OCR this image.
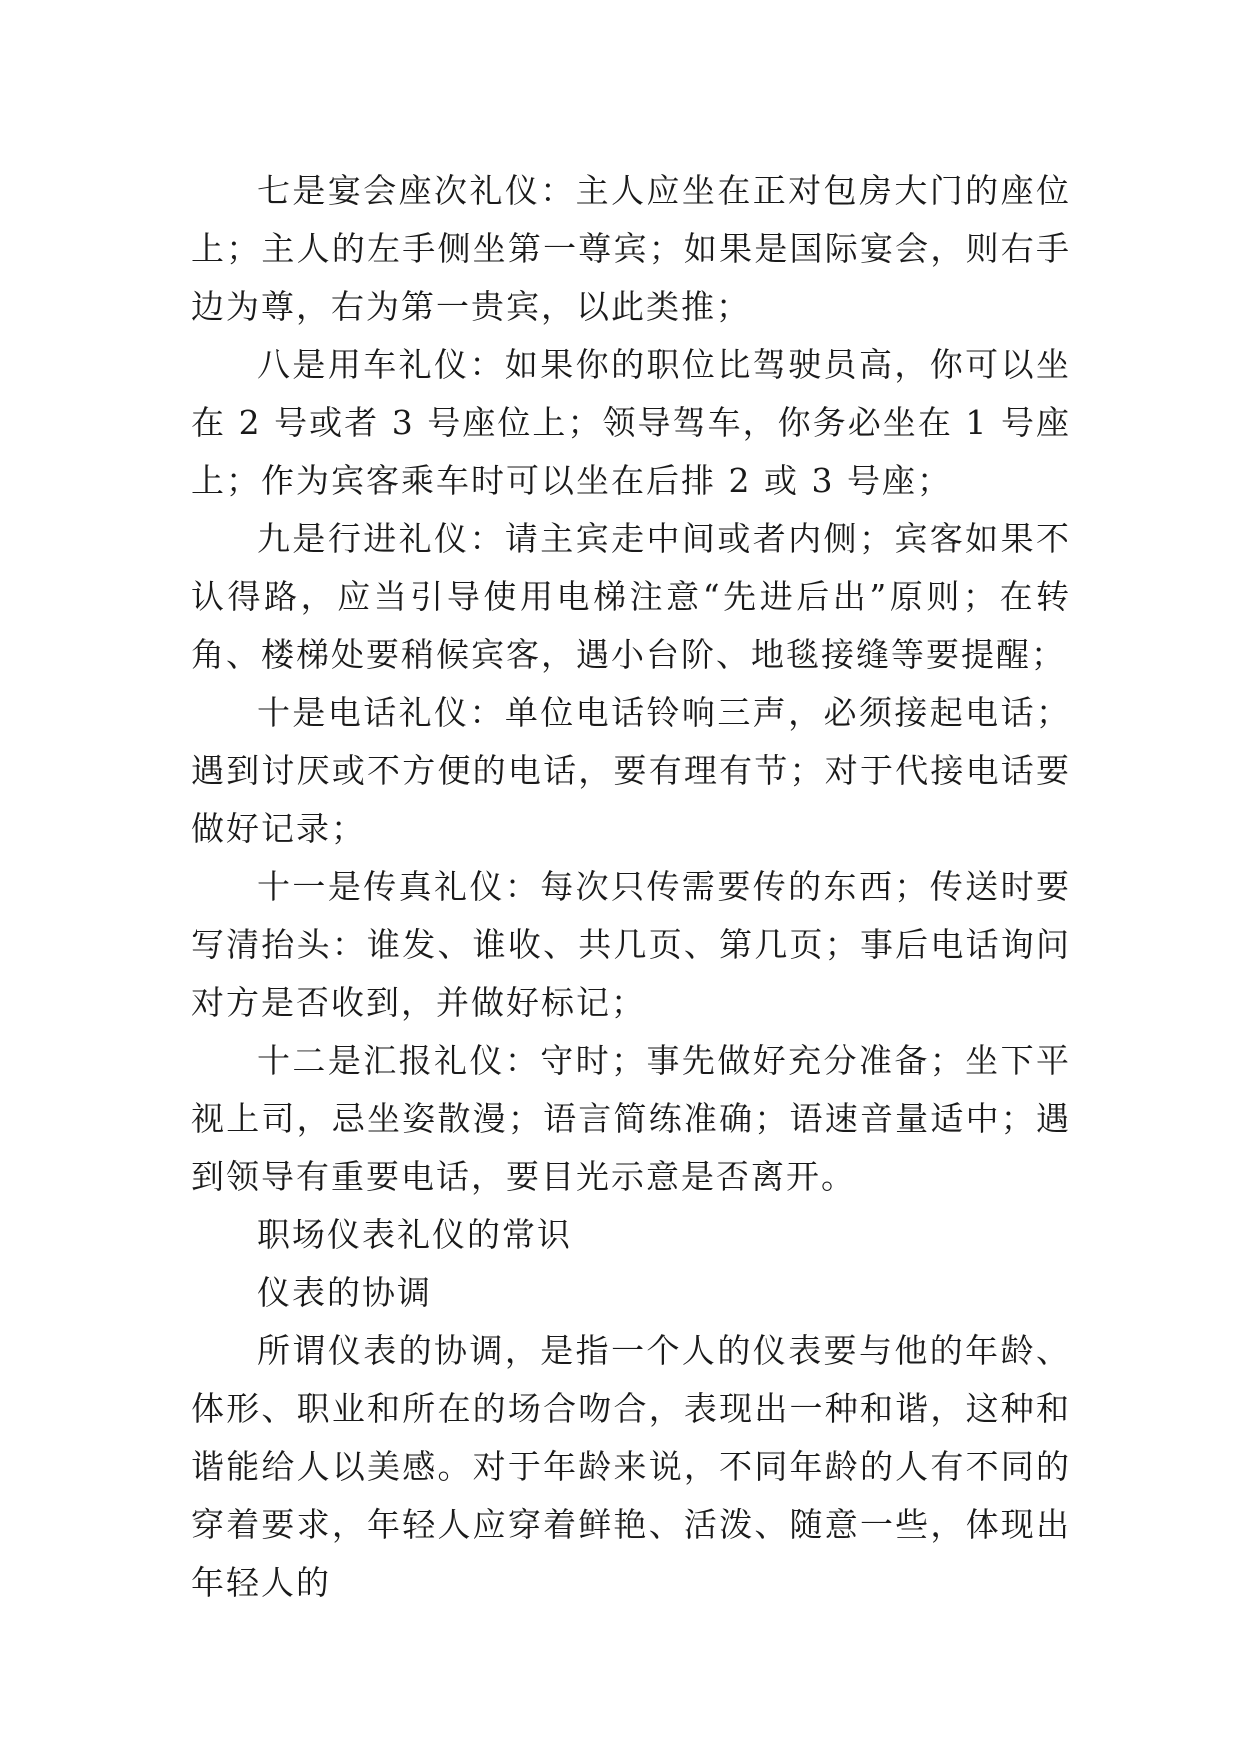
七是宴会座次礼仪：主人应坐在正对包房大门的座位上；主人的左手侧坐第一尊宾；如果是国际宴会，则右手边为尊，右为第一贵宾，以此类推；

八是用车礼仪：如果你的职位比驾驶员高，你可以坐在 2 号或者 3 号座位上；领导驾车，你务必坐在 1 号座上；作为宾客乘车时可以坐在后排 2 或 3 号座；

九是行进礼仪：请主宾走中间或者内侧；宾客如果不认得路，应当引导使用电梯注意“先进后出”原则；在转角、楼梯处要稍候宾客，遇小台阶、地毯接缝等要提醒；

十是电话礼仪：单位电话铃响三声，必须接起电话；遇到讨厌或不方便的电话，要有理有节；对于代接电话要做好记录；

十一是传真礼仪：每次只传需要传的东西；传送时要写清抬头：谁发、谁收、共几页、第几页；事后电话询问对方是否收到，并做好标记；

十二是汇报礼仪：守时；事先做好充分准备；坐下平视上司，忌坐姿散漫；语言简练准确；语速音量适中；遇到领导有重要电话，要目光示意是否离开。

职场仪表礼仪的常识

仪表的协调

所谓仪表的协调，是指一个人的仪表要与他的年龄、体形、职业和所在的场合吻合，表现出一种和谐，这种和谐能给人以美感。对于年龄来说，不同年龄的人有不同的穿着要求，年轻人应穿着鲜艳、活泼、随意一些，体现出年轻人的
